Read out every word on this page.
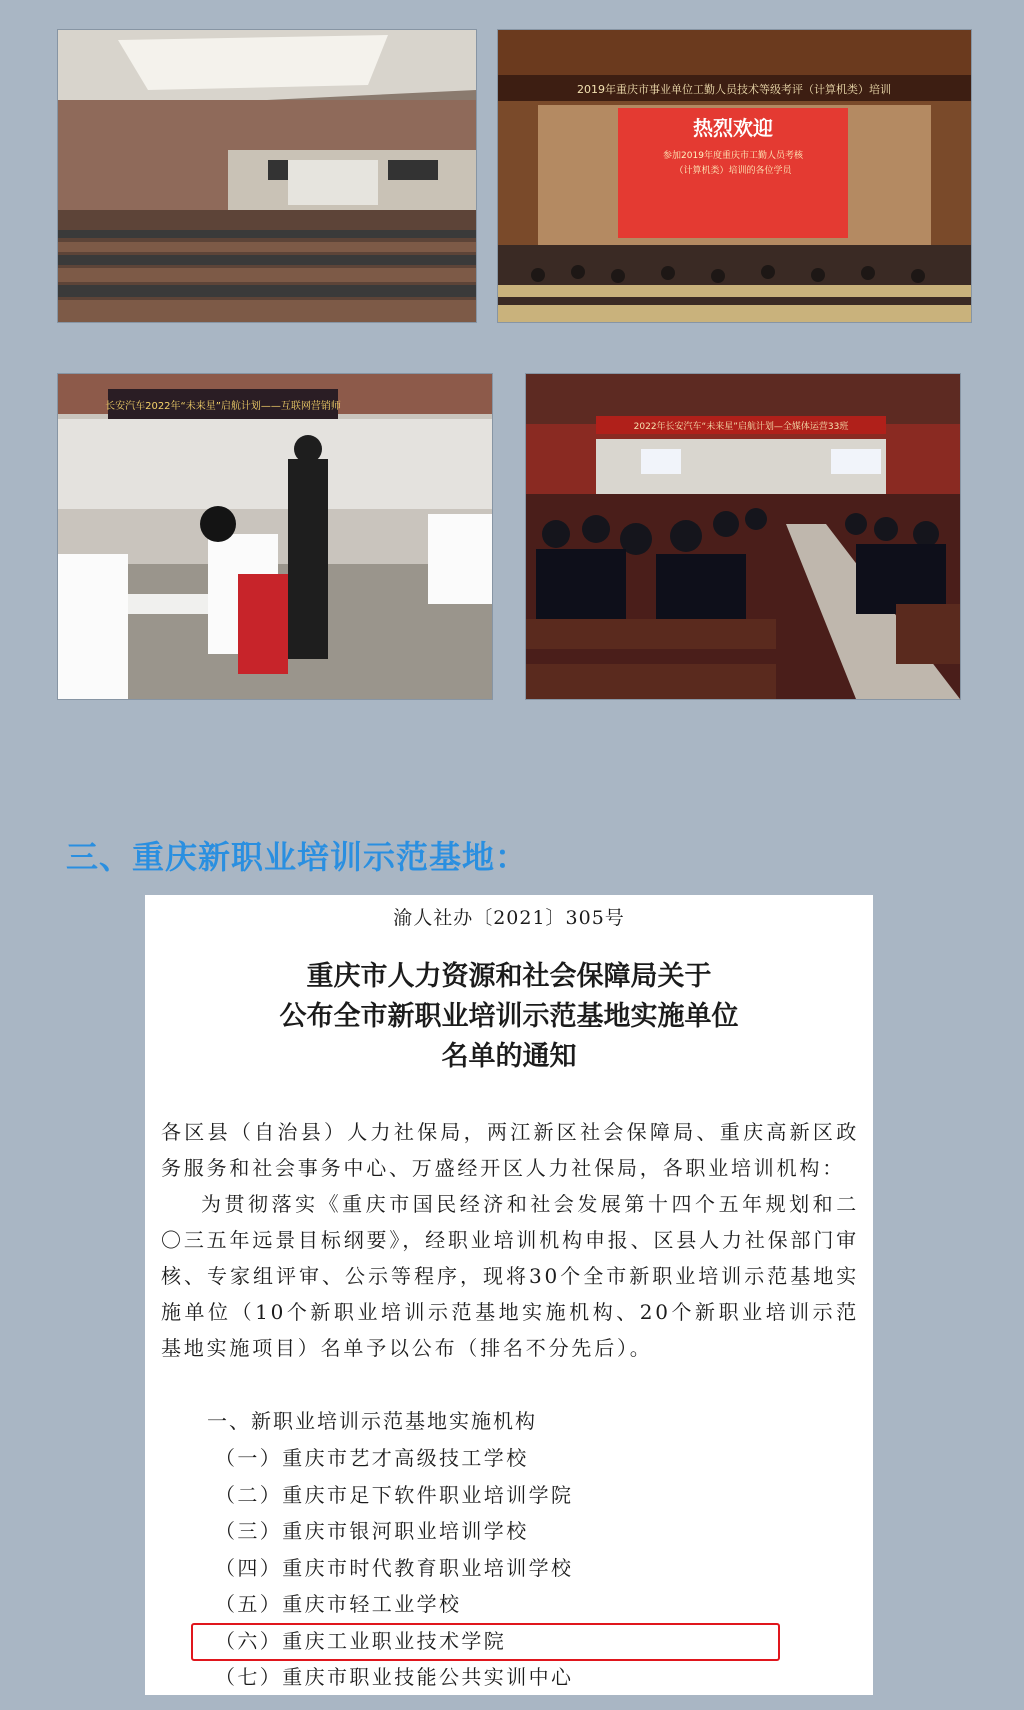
2019年重庆市事业单位工勤人员技术等级考评（计算机类）培训
热烈欢迎
参加2019年度重庆市工勤人员考核
（计算机类）培训的各位学员
长安汽车2022年“未来星”启航计划——互联网营销师
2022年长安汽车“未来星”启航计划—全媒体运营33班
三、重庆新职业培训示范基地：
渝人社办〔2021〕305号
重庆市人力资源和社会保障局关于
公布全市新职业培训示范基地实施单位
名单的通知

各区县（自治县）人力社保局，两江新区社会保障局、重庆高新区政务服务和社会事务中心、万盛经开区人力社保局，各职业培训机构：

为贯彻落实《重庆市国民经济和社会发展第十四个五年规划和二〇三五年远景目标纲要》，经职业培训机构申报、区县人力社保部门审核、专家组评审、公示等程序，现将30个全市新职业培训示范基地实施单位（10个新职业培训示范基地实施机构、20个新职业培训示范基地实施项目）名单予以公布（排名不分先后）。

一、新职业培训示范基地实施机构
（一）重庆市艺才高级技工学校
（二）重庆市足下软件职业培训学院
（三）重庆市银河职业培训学校
（四）重庆市时代教育职业培训学校
（五）重庆市轻工业学校
（六）重庆工业职业技术学院
（七）重庆市职业技能公共实训中心
